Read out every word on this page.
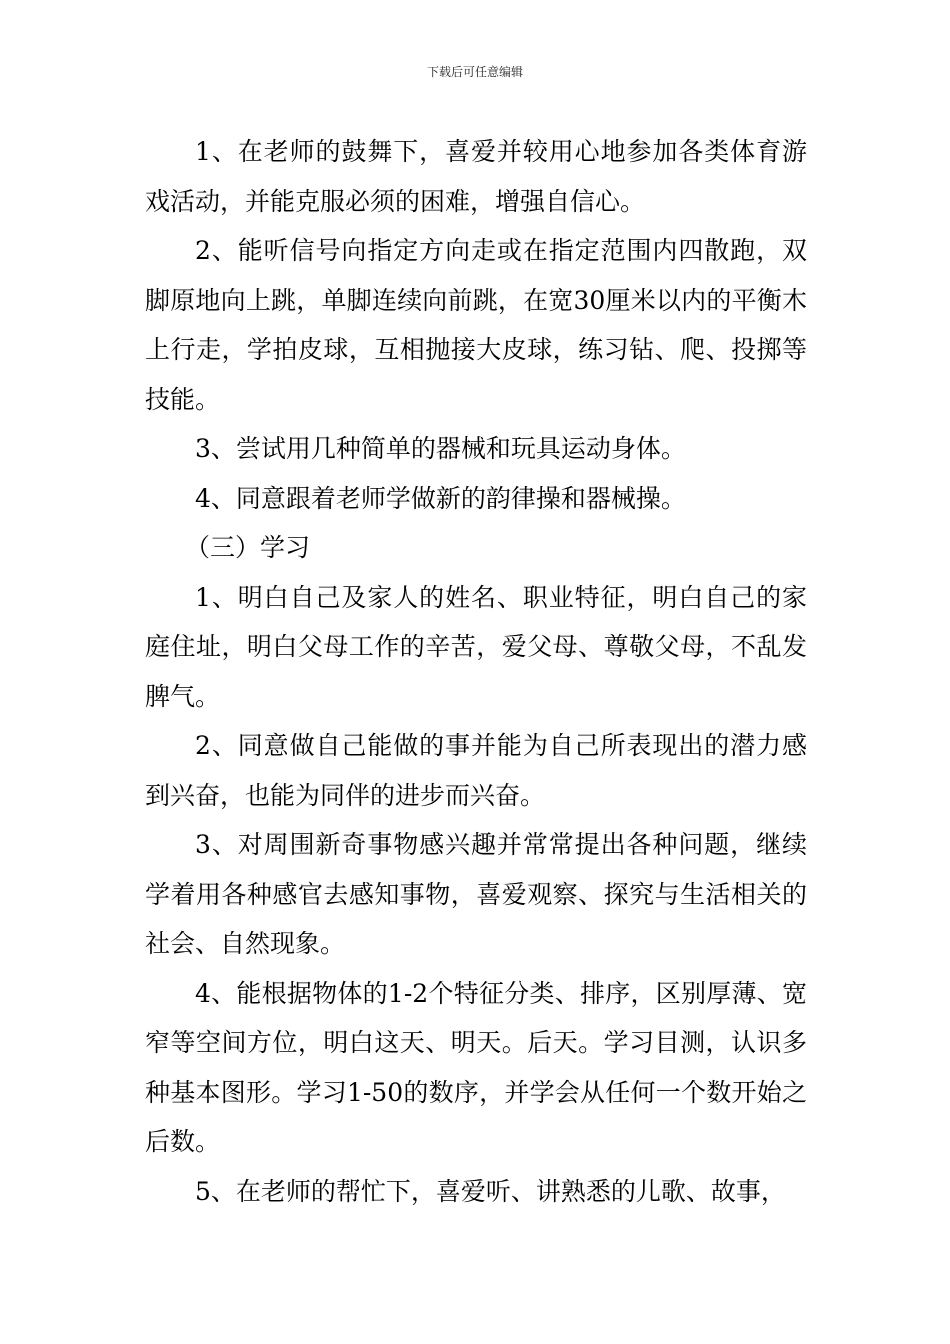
下载后可任意编辑

1、在老师的鼓舞下，喜爱并较用心地参加各类体育游戏活动，并能克服必须的困难，增强自信心。

2、能听信号向指定方向走或在指定范围内四散跑，双脚原地向上跳，单脚连续向前跳，在宽30厘米以内的平衡木上行走，学拍皮球，互相抛接大皮球，练习钻、爬、投掷等技能。

3、尝试用几种简单的器械和玩具运动身体。

4、同意跟着老师学做新的韵律操和器械操。

（三）学习

1、明白自己及家人的姓名、职业特征，明白自己的家庭住址，明白父母工作的辛苦，爱父母、尊敬父母，不乱发脾气。

2、同意做自己能做的事并能为自己所表现出的潜力感到兴奋，也能为同伴的进步而兴奋。

3、对周围新奇事物感兴趣并常常提出各种问题，继续学着用各种感官去感知事物，喜爱观察、探究与生活相关的社会、自然现象。

4、能根据物体的1-2个特征分类、排序，区别厚薄、宽窄等空间方位，明白这天、明天。后天。学习目测，认识多种基本图形。学习1-50的数序，并学会从任何一个数开始之后数。

5、在老师的帮忙下，喜爱听、讲熟悉的儿歌、故事，
